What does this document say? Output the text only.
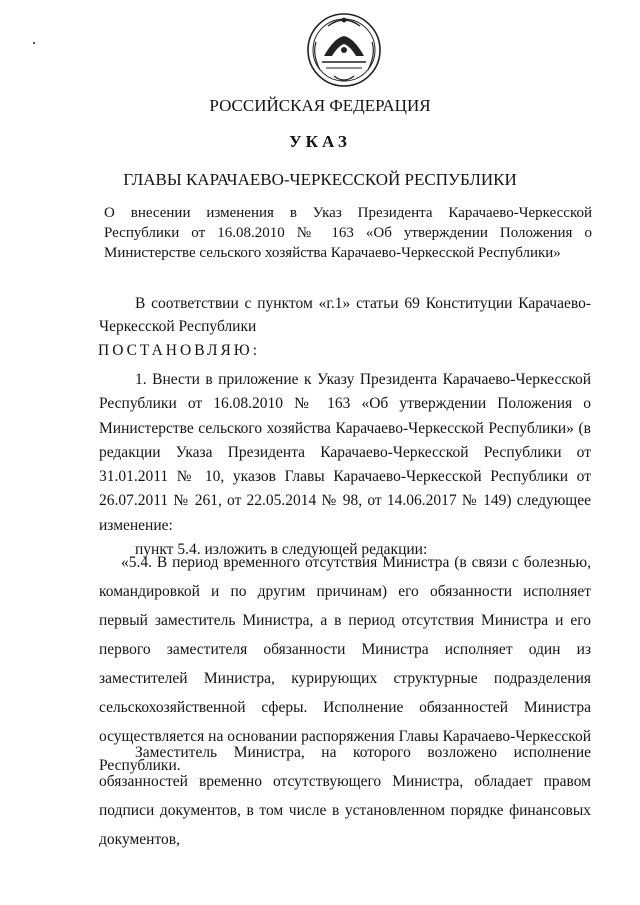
РОССИЙСКАЯ ФЕДЕРАЦИЯ
УКАЗ
ГЛАВЫ КАРАЧАЕВО-ЧЕРКЕССКОЙ РЕСПУБЛИКИ
О внесении изменения в Указ Президента Карачаево-Черкесской Республики от 16.08.2010 № 163 «Об утверждении Положения о Министерстве сельского хозяйства Карачаево-Черкесской Республики»

В соответствии с пунктом «г.1» статьи 69 Конституции Карачаево-Черкесской Республики

ПОСТАНОВЛЯЮ:

1. Внести в приложение к Указу Президента Карачаево-Черкесской Республики от 16.08.2010 № 163 «Об утверждении Положения о Министерстве сельского хозяйства Карачаево-Черкесской Республики» (в редакции Указа Президента Карачаево-Черкесской Республики от 31.01.2011 № 10, указов Главы Карачаево-Черкесской Республики от 26.07.2011 № 261, от 22.05.2014 № 98, от 14.06.2017 № 149) следующее изменение:

пункт 5.4. изложить в следующей редакции:

«5.4. В период временного отсутствия Министра (в связи с болезнью, командировкой и по другим причинам) его обязанности исполняет первый заместитель Министра, а в период отсутствия Министра и его первого заместителя обязанности Министра исполняет один из заместителей Министра, курирующих структурные подразделения сельскохозяйственной сферы. Исполнение обязанностей Министра осуществляется на основании распоряжения Главы Карачаево-Черкесской Республики.

Заместитель Министра, на которого возложено исполнение обязанностей временно отсутствующего Министра, обладает правом подписи документов, в том числе в установленном порядке финансовых документов,
